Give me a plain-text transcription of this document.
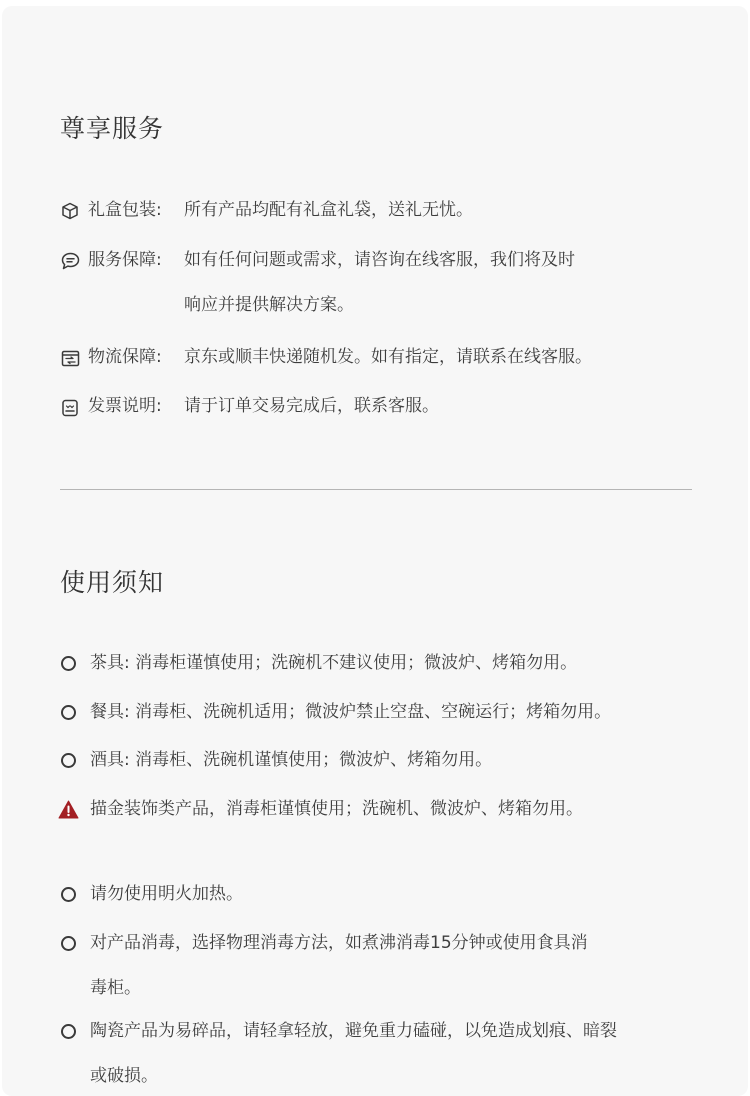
尊享服务
礼盒包装: 所有产品均配有礼盒礼袋，送礼无忧。
服务保障: 如有任何问题或需求，请咨询在线客服，我们将及时
响应并提供解决方案。
物流保障: 京东或顺丰快递随机发。如有指定，请联系在线客服。
发票说明: 请于订单交易完成后，联系客服。
使用须知
茶具: 消毒柜谨慎使用；洗碗机不建议使用；微波炉、烤箱勿用。
餐具: 消毒柜、洗碗机适用；微波炉禁止空盘、空碗运行；烤箱勿用。
酒具: 消毒柜、洗碗机谨慎使用；微波炉、烤箱勿用。
描金装饰类产品，消毒柜谨慎使用；洗碗机、微波炉、烤箱勿用。
请勿使用明火加热。
对产品消毒，选择物理消毒方法，如煮沸消毒15分钟或使用食具消
毒柜。
陶瓷产品为易碎品，请轻拿轻放，避免重力磕碰，以免造成划痕、暗裂
或破损。
